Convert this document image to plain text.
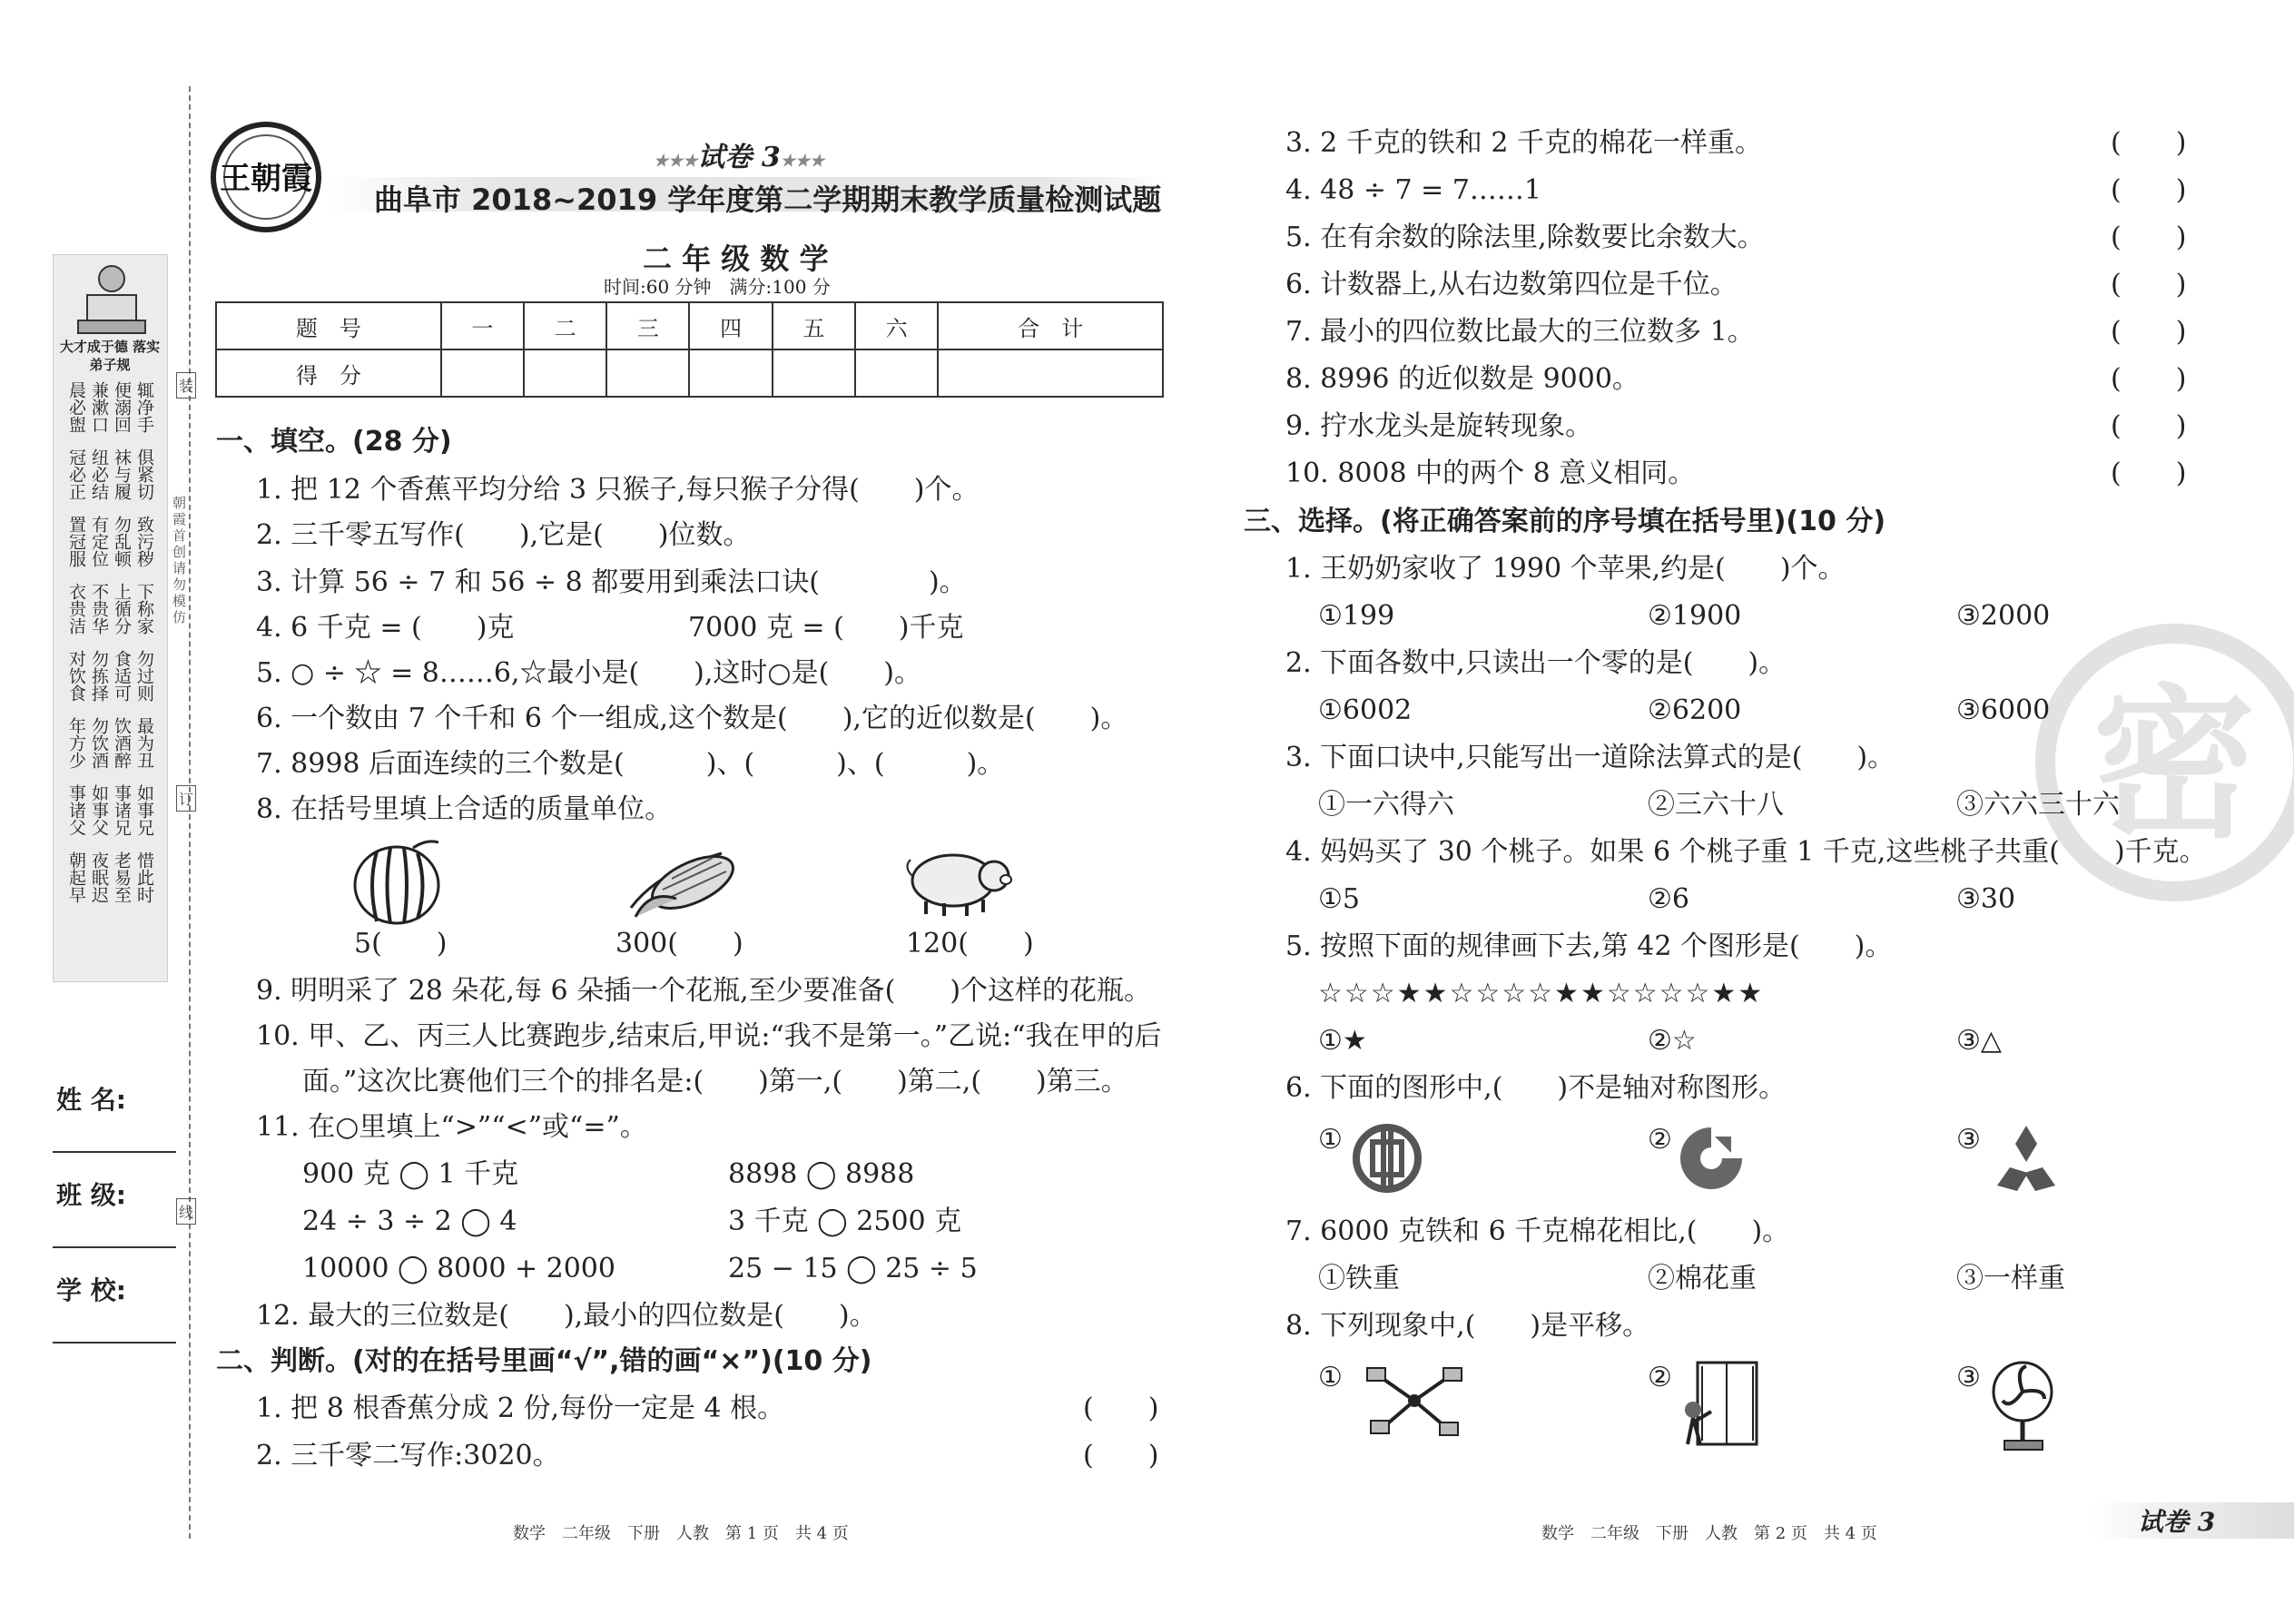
大才成于德 落实弟子规
晨必盥 兼漱口 便溺回 辄净手
冠必正 纽必结 袜与履 俱紧切
置冠服 有定位 勿乱顿 致污秽
衣贵洁 不贵华 上循分 下称家
对饮食 勿拣择 食适可 勿过则
年方少 勿饮酒 饮酒醉 最为丑
事诸父 如事父 事诸兄 如事兄
朝起早 夜眠迟 老易至 惜此时
朝霞首创 请勿模仿
装
订
线
姓 名:
班 级:
学 校:
王朝霞	★★★试卷 3★★★
曲阜市 2018~2019 学年度第二学期期末教学质量检测试题
二 年 级 数 学
时间:60 分钟　满分:100 分
题　号	一	二	三	四	五	六	合　计
得　分							
一、填空。(28 分)
1. 把 12 个香蕉平均分给 3 只猴子,每只猴子分得(　　)个。
2. 三千零五写作(　　),它是(　　)位数。
3. 计算 56 ÷ 7 和 56 ÷ 8 都要用到乘法口诀(　　　　)。
4. 6 千克 = (　　)克	7000 克 = (　　)千克
5. ○ ÷ ☆ = 8……6,☆最小是(　　),这时○是(　　)。
6. 一个数由 7 个千和 6 个一组成,这个数是(　　),它的近似数是(　　)。
7. 8998 后面连续的三个数是(　　　)、(　　　)、(　　　)。
8. 在括号里填上合适的质量单位。
5(　　)	300(　　)	120(　　)
9. 明明采了 28 朵花,每 6 朵插一个花瓶,至少要准备(　　)个这样的花瓶。
10. 甲、乙、丙三人比赛跑步,结束后,甲说:“我不是第一。”乙说:“我在甲的后
面。”这次比赛他们三个的排名是:(　　)第一,(　　)第二,(　　)第三。
11. 在○里填上“>”“<”或“=”。
900 克 ◯ 1 千克	8898 ◯ 8988
24 ÷ 3 ÷ 2 ◯ 4	3 千克 ◯ 2500 克
10000 ◯ 8000 + 2000	25 − 15 ◯ 25 ÷ 5
12. 最大的三位数是(　　),最小的四位数是(　　)。
二、判断。(对的在括号里画“√”,错的画“×”)(10 分)
1. 把 8 根香蕉分成 2 份,每份一定是 4 根。	(　　)
2. 三千零二写作:3020。	(　　)
数学　二年级　下册　人教　第 1 页　共 4 页
密
3. 2 千克的铁和 2 千克的棉花一样重。	(　　)
4. 48 ÷ 7 = 7……1	(　　)
5. 在有余数的除法里,除数要比余数大。	(　　)
6. 计数器上,从右边数第四位是千位。	(　　)
7. 最小的四位数比最大的三位数多 1。	(　　)
8. 8996 的近似数是 9000。	(　　)
9. 拧水龙头是旋转现象。	(　　)
10. 8008 中的两个 8 意义相同。	(　　)
三、选择。(将正确答案前的序号填在括号里)(10 分)
1. 王奶奶家收了 1990 个苹果,约是(　　)个。
①199	②1900	③2000
2. 下面各数中,只读出一个零的是(　　)。
①6002	②6200	③6000
3. 下面口诀中,只能写出一道除法算式的是(　　)。
①一六得六	②三六十八	③六六三十六
4. 妈妈买了 30 个桃子。如果 6 个桃子重 1 千克,这些桃子共重(　　)千克。
①5	②6	③30
5. 按照下面的规律画下去,第 42 个图形是(　　)。
☆☆☆★★☆☆☆☆★★☆☆☆☆★★
①★	②☆	③△
6. 下面的图形中,(　　)不是轴对称图形。
①	②	③
7. 6000 克铁和 6 千克棉花相比,(　　)。
①铁重	②棉花重	③一样重
8. 下列现象中,(　　)是平移。
①	②	③
数学　二年级　下册　人教　第 2 页　共 4 页	试卷 3
